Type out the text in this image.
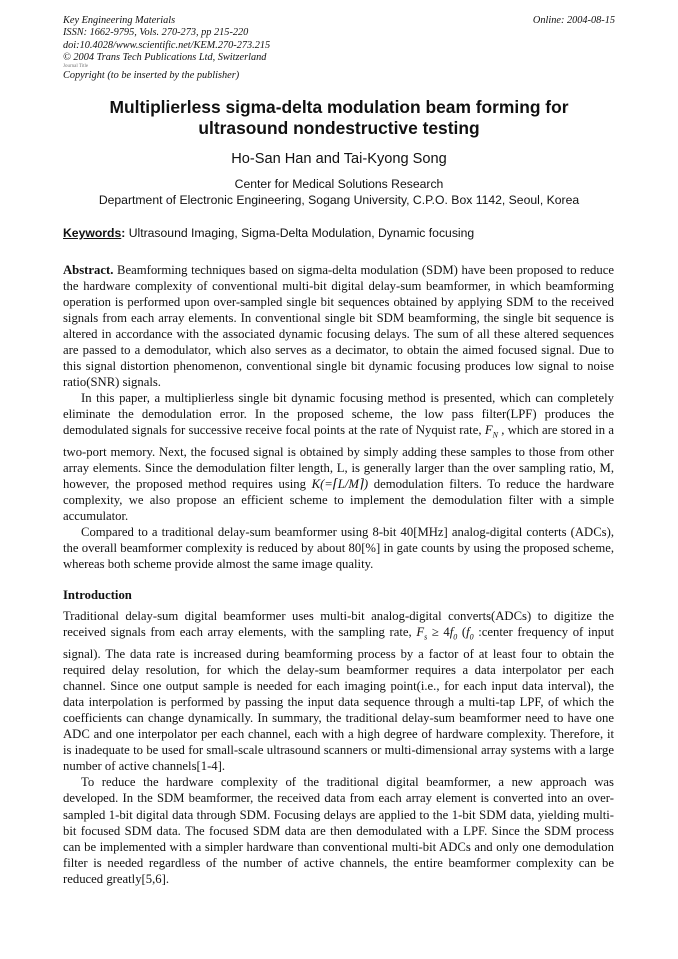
Key Engineering Materials	Online: 2004-08-15
ISSN: 1662-9795, Vols. 270-273, pp 215-220
doi:10.4028/www.scientific.net/KEM.270-273.215
© 2004 Trans Tech Publications Ltd, Switzerland
Journal Title
Copyright (to be inserted by the publisher)
Multiplierless sigma-delta modulation beam forming for ultrasound nondestructive testing
Ho-San Han and Tai-Kyong Song
Center for Medical Solutions Research
Department of Electronic Engineering, Sogang University, C.P.O. Box 1142, Seoul, Korea
Keywords: Ultrasound Imaging, Sigma-Delta Modulation, Dynamic focusing

Abstract. Beamforming techniques based on sigma-delta modulation (SDM) have been proposed to reduce the hardware complexity of conventional multi-bit digital delay-sum beamformer, in which beamforming operation is performed upon over-sampled single bit sequences obtained by applying SDM to the received signals from each array elements. In conventional single bit SDM beamforming, the single bit sequence is altered in accordance with the associated dynamic focusing delays. The sum of all these altered sequences are passed to a demodulator, which also serves as a decimator, to obtain the aimed focused signal. Due to this signal distortion phenomenon, conventional single bit dynamic focusing produces low signal to noise ratio(SNR) signals.

In this paper, a multiplierless single bit dynamic focusing method is presented, which can completely eliminate the demodulation error. In the proposed scheme, the low pass filter(LPF) produces the demodulated signals for successive receive focal points at the rate of Nyquist rate, $F_N$ , which are stored in a two-port memory. Next, the focused signal is obtained by simply adding these samples to those from other array elements. Since the demodulation filter length, L, is generally larger than the over sampling ratio, M, however, the proposed method requires using K(=⌈L/M⌉) demodulation filters. To reduce the hardware complexity, we also propose an efficient scheme to implement the demodulation filter with a simple accumulator.

Compared to a traditional delay-sum beamformer using 8-bit 40[MHz] analog-digital conterts (ADCs), the overall beamformer complexity is reduced by about 80[%] in gate counts by using the proposed scheme, whereas both scheme provide almost the same image quality.

Introduction

Traditional delay-sum digital beamformer uses multi-bit analog-digital converts(ADCs) to digitize the received signals from each array elements, with the sampling rate, $F_s \ge 4f_0$ ($f_0$ :center frequency of input signal). The data rate is increased during beamforming process by a factor of at least four to obtain the required delay resolution, for which the delay-sum beamformer requires a data interpolator per each channel. Since one output sample is needed for each imaging point(i.e., for each input data interval), the data interpolation is performed by passing the input data sequence through a multi-tap LPF, of which the coefficients can change dynamically. In summary, the traditional delay-sum beamformer need to have one ADC and one interpolator per each channel, each with a high degree of hardware complexity. Therefore, it is inadequate to be used for small-scale ultrasound scanners or multi-dimensional array systems with a large number of active channels[1-4].

To reduce the hardware complexity of the traditional digital beamformer, a new approach was developed. In the SDM beamformer, the received data from each array element is converted into an over-sampled 1-bit digital data through SDM. Focusing delays are applied to the 1-bit SDM data, yielding multi-bit focused SDM data. The focused SDM data are then demodulated with a LPF. Since the SDM process can be implemented with a simpler hardware than conventional multi-bit ADCs and only one demodulation filter is needed regardless of the number of active channels, the entire beamformer complexity can be reduced greatly[5,6].
